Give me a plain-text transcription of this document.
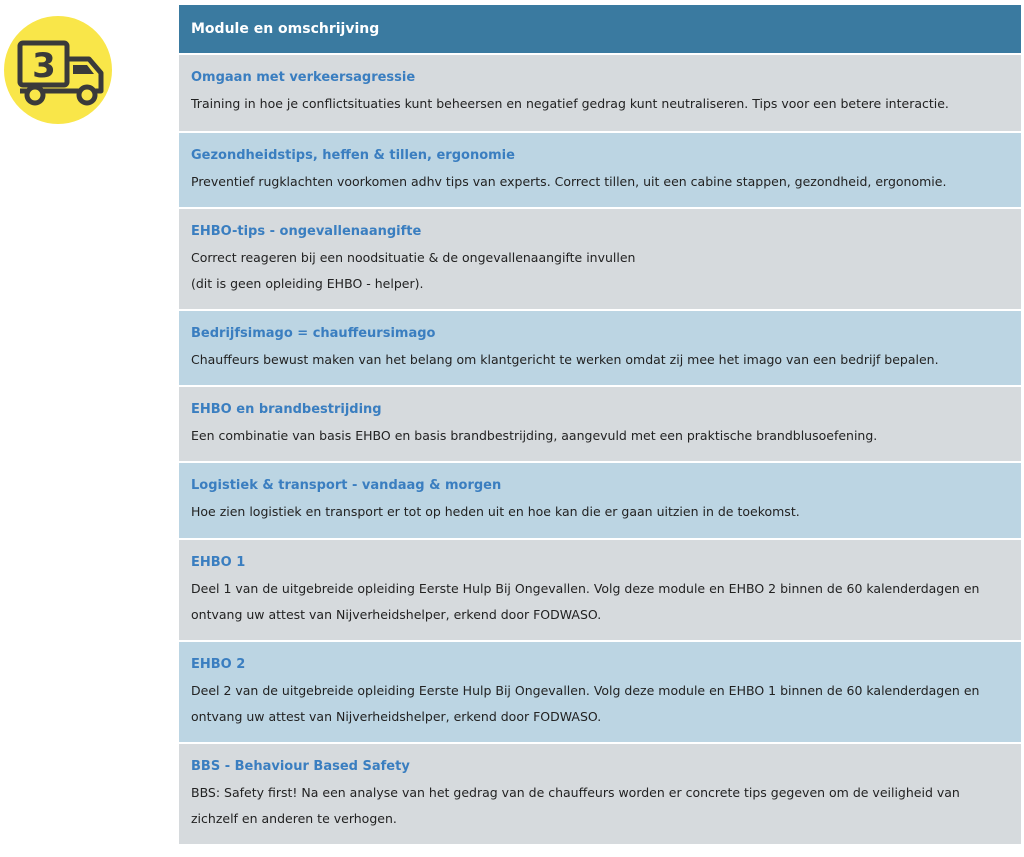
3
Module en omschrijving
Omgaan met verkeersagressie
Training in hoe je conflictsituaties kunt beheersen en negatief gedrag kunt neutraliseren. Tips voor een betere interactie.
Gezondheidstips, heffen & tillen, ergonomie
Preventief rugklachten voorkomen adhv tips van experts. Correct tillen, uit een cabine stappen, gezondheid, ergonomie.
EHBO-tips - ongevallenaangifte
Correct reageren bij een noodsituatie & de ongevallenaangifte invullen
(dit is geen opleiding EHBO - helper).
Bedrijfsimago = chauffeursimago
Chauffeurs bewust maken van het belang om klantgericht te werken omdat zij mee het imago van een bedrijf bepalen.
EHBO en brandbestrijding
Een combinatie van basis EHBO en basis brandbestrijding, aangevuld met een praktische brandblusoefening.
Logistiek & transport - vandaag & morgen
Hoe zien logistiek en transport er tot op heden uit en hoe kan die er gaan uitzien in de toekomst.
EHBO 1
Deel 1 van de uitgebreide opleiding Eerste Hulp Bij Ongevallen. Volg deze module en EHBO 2 binnen de 60 kalenderdagen en ontvang uw attest van Nijverheidshelper, erkend door FODWASO.
EHBO 2
Deel 2 van de uitgebreide opleiding Eerste Hulp Bij Ongevallen. Volg deze module en EHBO 1 binnen de 60 kalenderdagen en ontvang uw attest van Nijverheidshelper, erkend door FODWASO.
BBS - Behaviour Based Safety
BBS: Safety first! Na een analyse van het gedrag van de chauffeurs worden er concrete tips gegeven om de veiligheid van zichzelf en anderen te verhogen.
